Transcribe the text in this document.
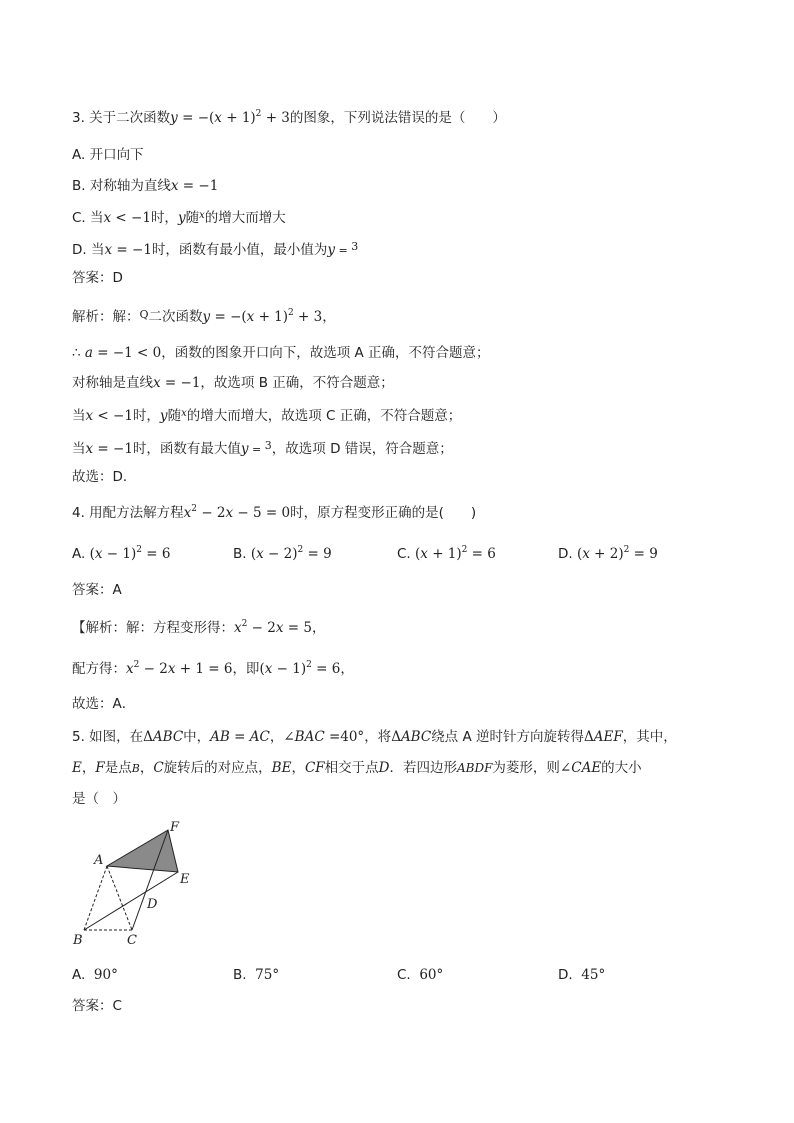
3. 关于二次函数$y = -(x + 1)^2 + 3$的图象，下列说法错误的是（　　）
A. 开口向下
B. 对称轴为直线x = −1
C. 当x < −1时，y随$^x$的增大而增大
D. 当x = −1时，函数有最小值，最小值为y = $^3$
答案：D
解析：解：$^Q$二次函数$y = -(x + 1)^2 + 3$，
∴ a = −1 < 0，函数的图象开口向下，故选项 A 正确，不符合题意；
对称轴是直线x = −1，故选项 B 正确，不符合题意；
当x < −1时，y随$^x$的增大而增大，故选项 C 正确，不符合题意；
当x = −1时，函数有最大值y = $^3$，故选项 D 错误，符合题意；
故选：D．
4. 用配方法解方程$x^2 - 2x - 5 = 0$时，原方程变形正确的是(　　)
A. $(x - 1)^2 = 6$	B. $(x - 2)^2 = 9$	C. $(x + 1)^2 = 6$	D. $(x + 2)^2 = 9$
答案：A
【解析：解：方程变形得：$x^2 - 2x = 5$，
配方得：$x^2 - 2x + 1 = 6$，即$(x - 1)^2 = 6$，
故选：A．
5. 如图，在ΔABC中，AB = AC，∠BAC =40°，将ΔABC绕点 A 逆时针方向旋转得ΔAEF，其中，
E，F是点B，C旋转后的对应点，BE，CF相交于点D．若四边形ABDF为菱形，则∠CAE的大小
是（　）
A
F
E
D
B	C
A. 90°	B. 75°	C. 60°	D. 45°
答案：C
